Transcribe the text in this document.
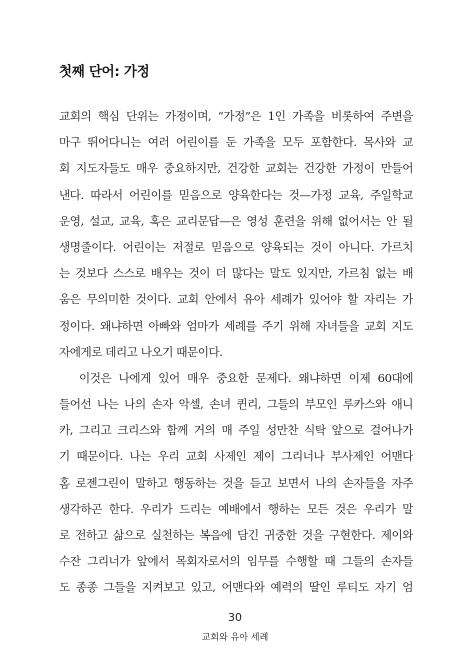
첫째 단어: 가정
교회의 핵심 단위는 가정이며, “가정”은 1인 가족을 비롯하여 주변을
마구 뛰어다니는 여러 어린이를 둔 가족을 모두 포함한다. 목사와 교
회 지도자들도 매우 중요하지만, 건강한 교회는 건강한 가정이 만들어
낸다. 따라서 어린이를 믿음으로 양육한다는 것—가정 교육, 주일학교
운영, 설교, 교육, 혹은 교리문답—은 영성 훈련을 위해 없어서는 안 될
생명줄이다. 어린이는 저절로 믿음으로 양육되는 것이 아니다. 가르치
는 것보다 스스로 배우는 것이 더 많다는 말도 있지만, 가르침 없는 배
움은 무의미한 것이다. 교회 안에서 유아 세례가 있어야 할 자리는 가
정이다. 왜냐하면 아빠와 엄마가 세례를 주기 위해 자녀들을 교회 지도
자에게로 데리고 나오기 때문이다.
이것은 나에게 있어 매우 중요한 문제다. 왜냐하면 이제 60대에
들어선 나는 나의 손자 악셀, 손녀 퀸리, 그들의 부모인 루카스와 애니
카, 그리고 크리스와 함께 거의 매 주일 성만찬 식탁 앞으로 걸어나가
기 때문이다. 나는 우리 교회 사제인 제이 그리너나 부사제인 어맨다
홈 로젠그린이 말하고 행동하는 것을 듣고 보면서 나의 손자들을 자주
생각하곤 한다. 우리가 드리는 예배에서 행하는 모든 것은 우리가 말
로 전하고 삶으로 실천하는 복음에 담긴 귀중한 것을 구현한다. 제이와
수잔 그리너가 앞에서 목회자로서의 임무를 수행할 때 그들의 손자들
도 종종 그들을 지켜보고 있고, 어맨다와 예력의 딸인 루티도 자기 엄
30
교회와 유아 세례
